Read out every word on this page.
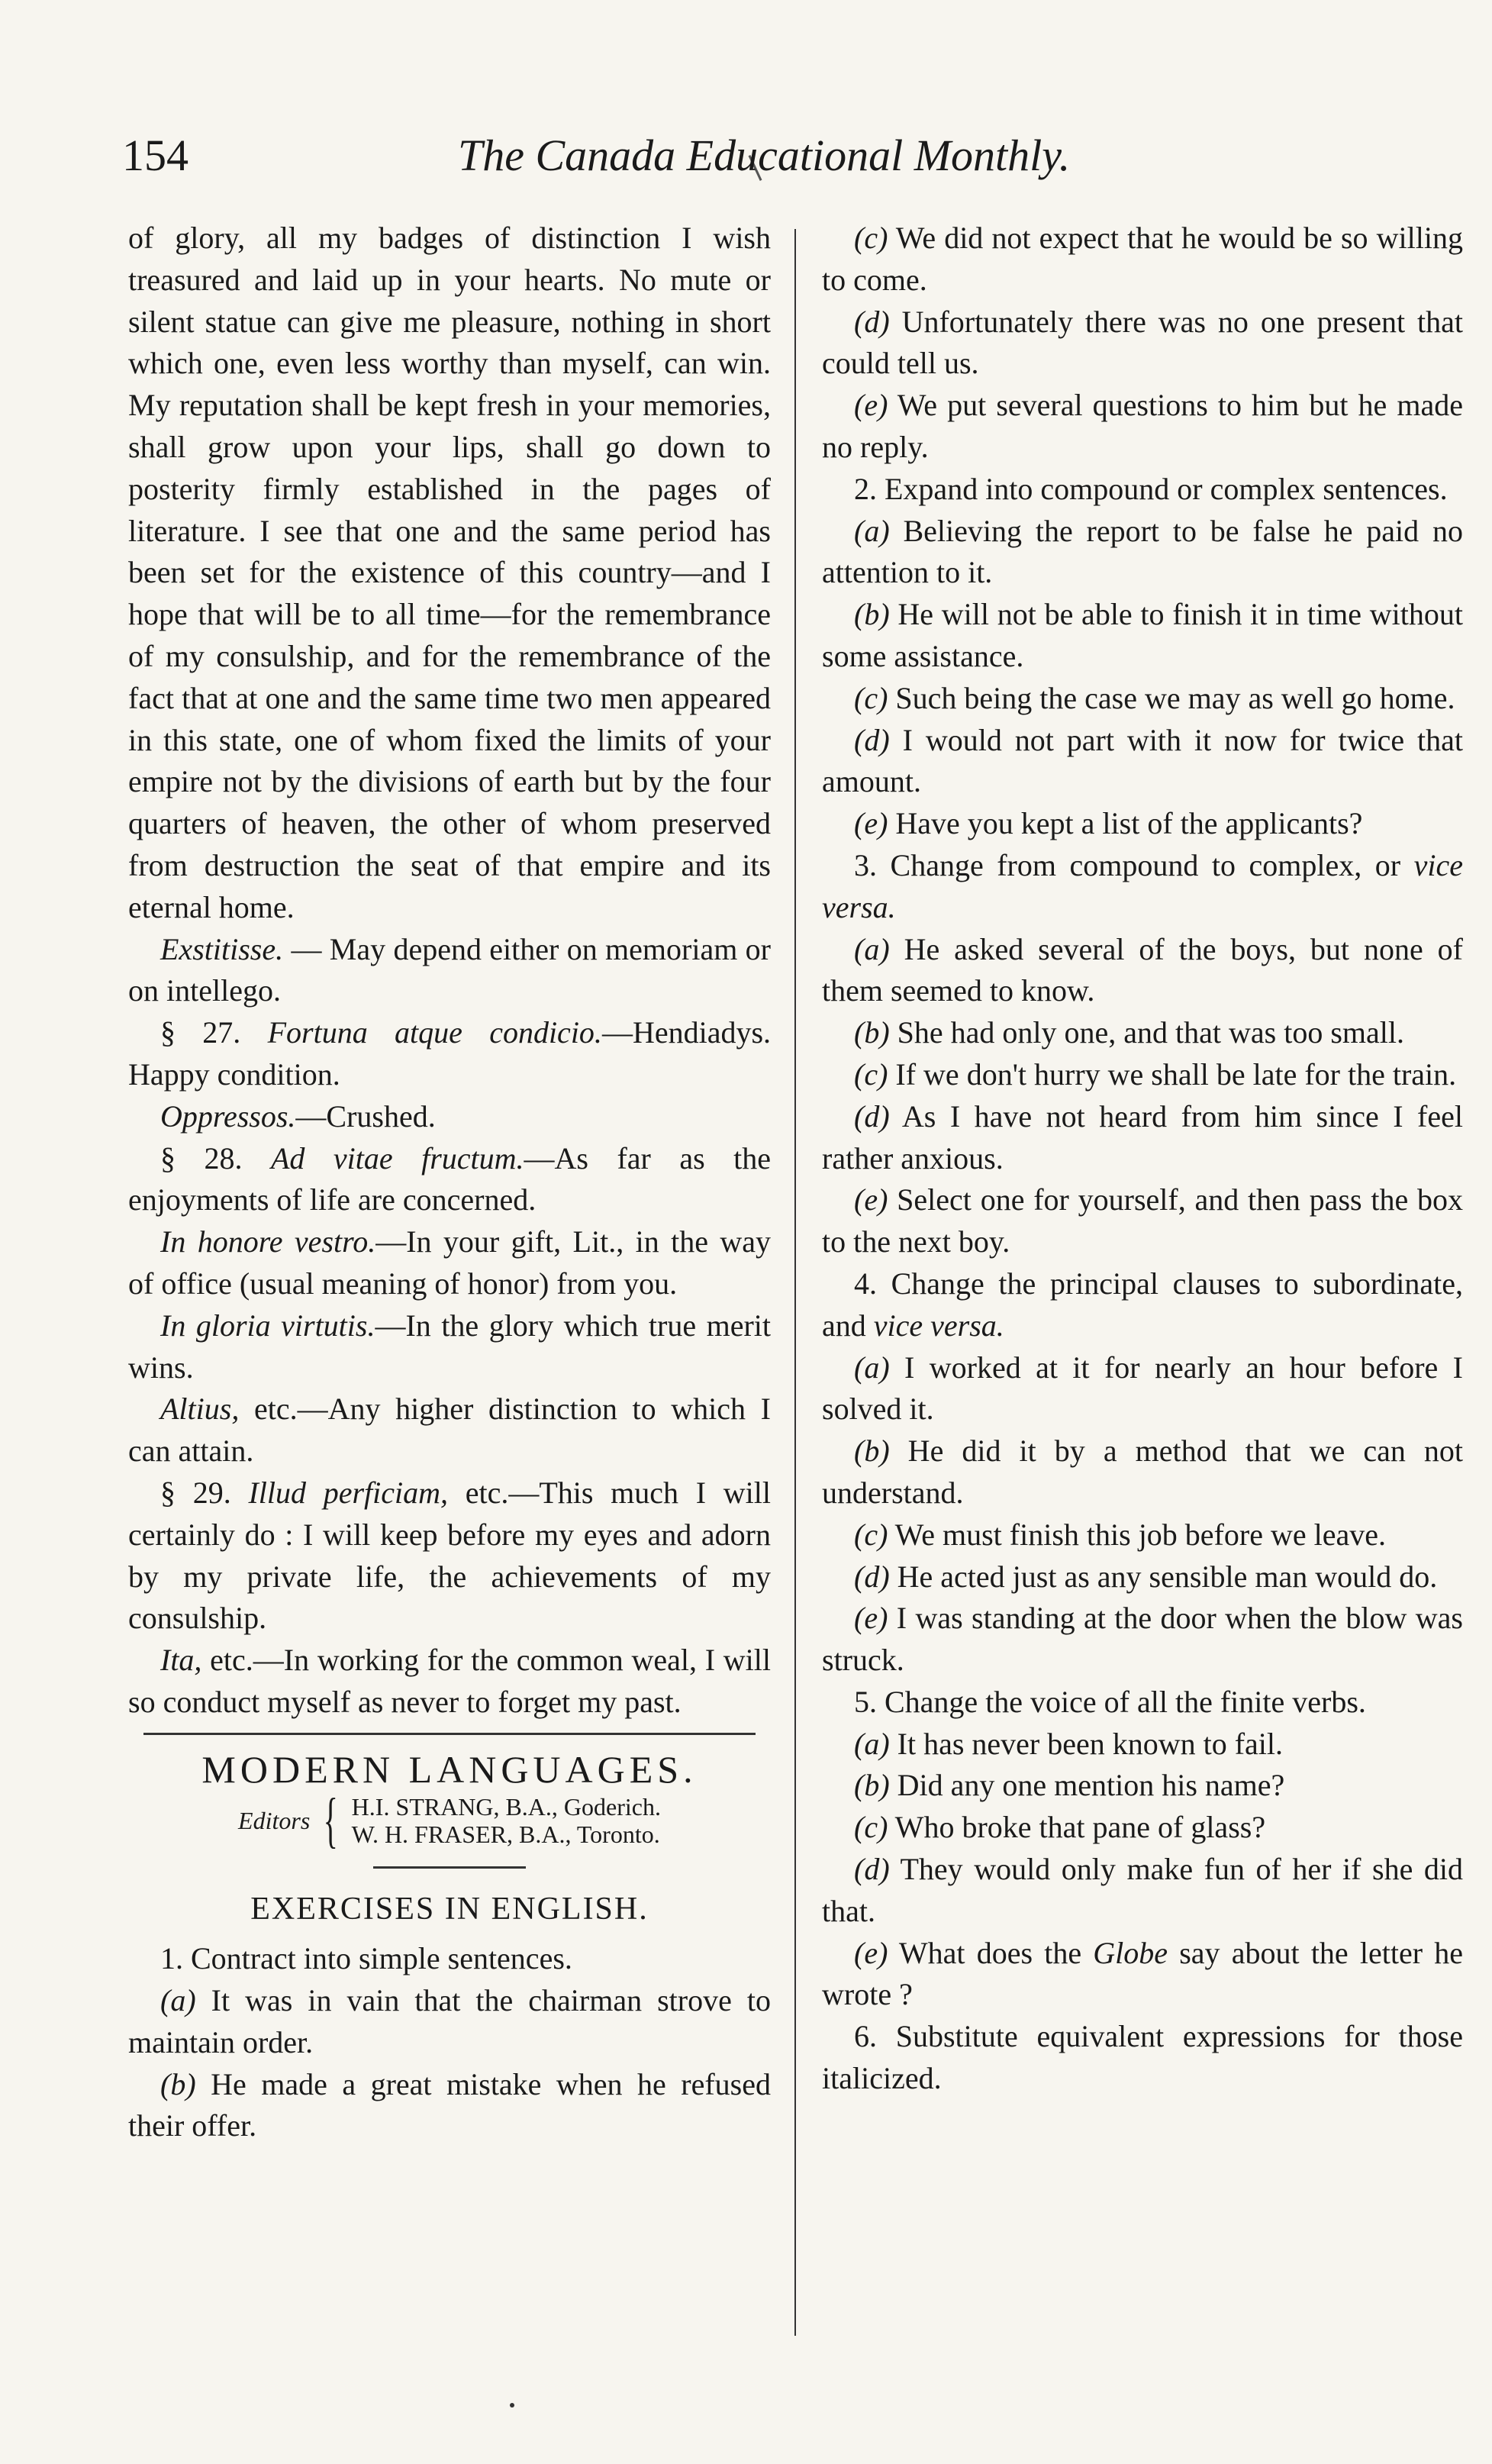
154	The Canada Educational Monthly.

of glory, all my badges of distinction I wish treasured and laid up in your hearts. No mute or silent statue can give me pleasure, nothing in short which one, even less worthy than myself, can win. My reputation shall be kept fresh in your memories, shall grow upon your lips, shall go down to posterity firmly established in the pages of literature. I see that one and the same period has been set for the existence of this country—and I hope that will be to all time—for the remembrance of my consulship, and for the remembrance of the fact that at one and the same time two men appeared in this state, one of whom fixed the limits of your empire not by the divisions of earth but by the four quarters of heaven, the other of whom preserved from destruction the seat of that empire and its eternal home.

Exstitisse. — May depend either on memoriam or on intellego.

§ 27. Fortuna atque condicio.—Hendiadys. Happy condition.

Oppressos.—Crushed.

§ 28. Ad vitae fructum.—As far as the enjoyments of life are concerned.

In honore vestro.—In your gift, Lit., in the way of office (usual meaning of honor) from you.

In gloria virtutis.—In the glory which true merit wins.

Altius, etc.—Any higher distinction to which I can attain.

§ 29. Illud perficiam, etc.—This much I will certainly do : I will keep before my eyes and adorn by my private life, the achievements of my consulship.

Ita, etc.—In working for the common weal, I will so conduct myself as never to forget my past.

MODERN LANGUAGES.
Editors { H.I. STRANG, B.A., Goderich.
W. H. FRASER, B.A., Toronto.
EXERCISES IN ENGLISH.

1. Contract into simple sentences.

(a) It was in vain that the chairman strove to maintain order.

(b) He made a great mistake when he refused their offer.

(c) We did not expect that he would be so willing to come.

(d) Unfortunately there was no one present that could tell us.

(e) We put several questions to him but he made no reply.

2. Expand into compound or complex sentences.

(a) Believing the report to be false he paid no attention to it.

(b) He will not be able to finish it in time without some assistance.

(c) Such being the case we may as well go home.

(d) I would not part with it now for twice that amount.

(e) Have you kept a list of the applicants?

3. Change from compound to complex, or vice versa.

(a) He asked several of the boys, but none of them seemed to know.

(b) She had only one, and that was too small.

(c) If we don't hurry we shall be late for the train.

(d) As I have not heard from him since I feel rather anxious.

(e) Select one for yourself, and then pass the box to the next boy.

4. Change the principal clauses to subordinate, and vice versa.

(a) I worked at it for nearly an hour before I solved it.

(b) He did it by a method that we can not understand.

(c) We must finish this job before we leave.

(d) He acted just as any sensible man would do.

(e) I was standing at the door when the blow was struck.

5. Change the voice of all the finite verbs.

(a) It has never been known to fail.

(b) Did any one mention his name?

(c) Who broke that pane of glass?

(d) They would only make fun of her if she did that.

(e) What does the Globe say about the letter he wrote ?

6. Substitute equivalent expressions for those italicized.
